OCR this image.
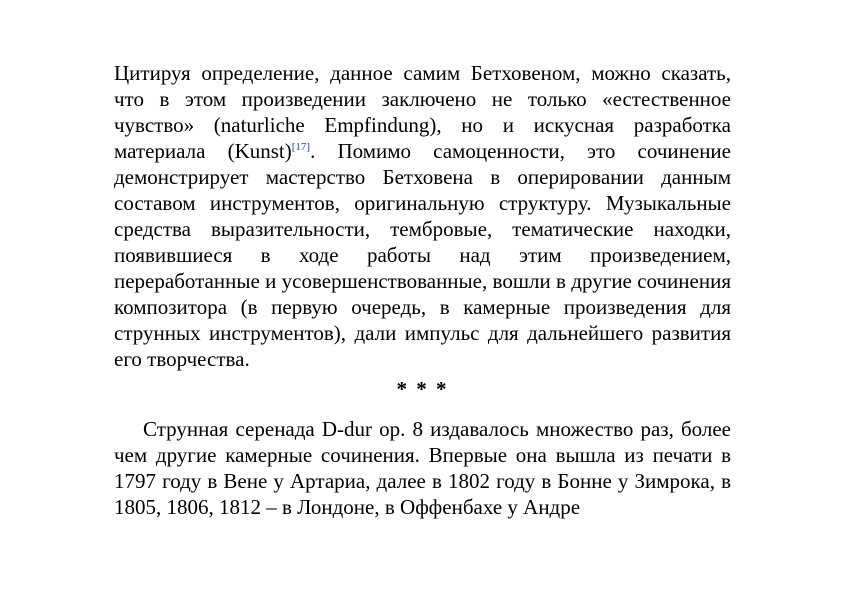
Цитируя определение, данное самим Бетховеном, можно сказать, что в этом произведении заключено не только «естественное чувство» (naturliche Empfindung), но и искусная разработка материала (Kunst)[17]. Помимо самоценности, это сочинение демонстрирует мастерство Бетховена в оперировании данным составом инструментов, оригинальную структуру. Музыкальные средства выразительности, тембровые, тематические находки, появившиеся в ходе работы над этим произведением, переработанные и усовершенствованные, вошли в другие сочинения композитора (в первую очередь, в камерные произведения для струнных инструментов), дали импульс для дальнейшего развития его творчества.
* * *
Струнная серенада D-dur op. 8 издавалось множество раз, более чем другие камерные сочинения. Впервые она вышла из печати в 1797 году в Вене у Артариа, далее в 1802 году в Бонне у Зимрока, в 1805, 1806, 1812 – в Лондоне, в Оффенбахе у Андре
